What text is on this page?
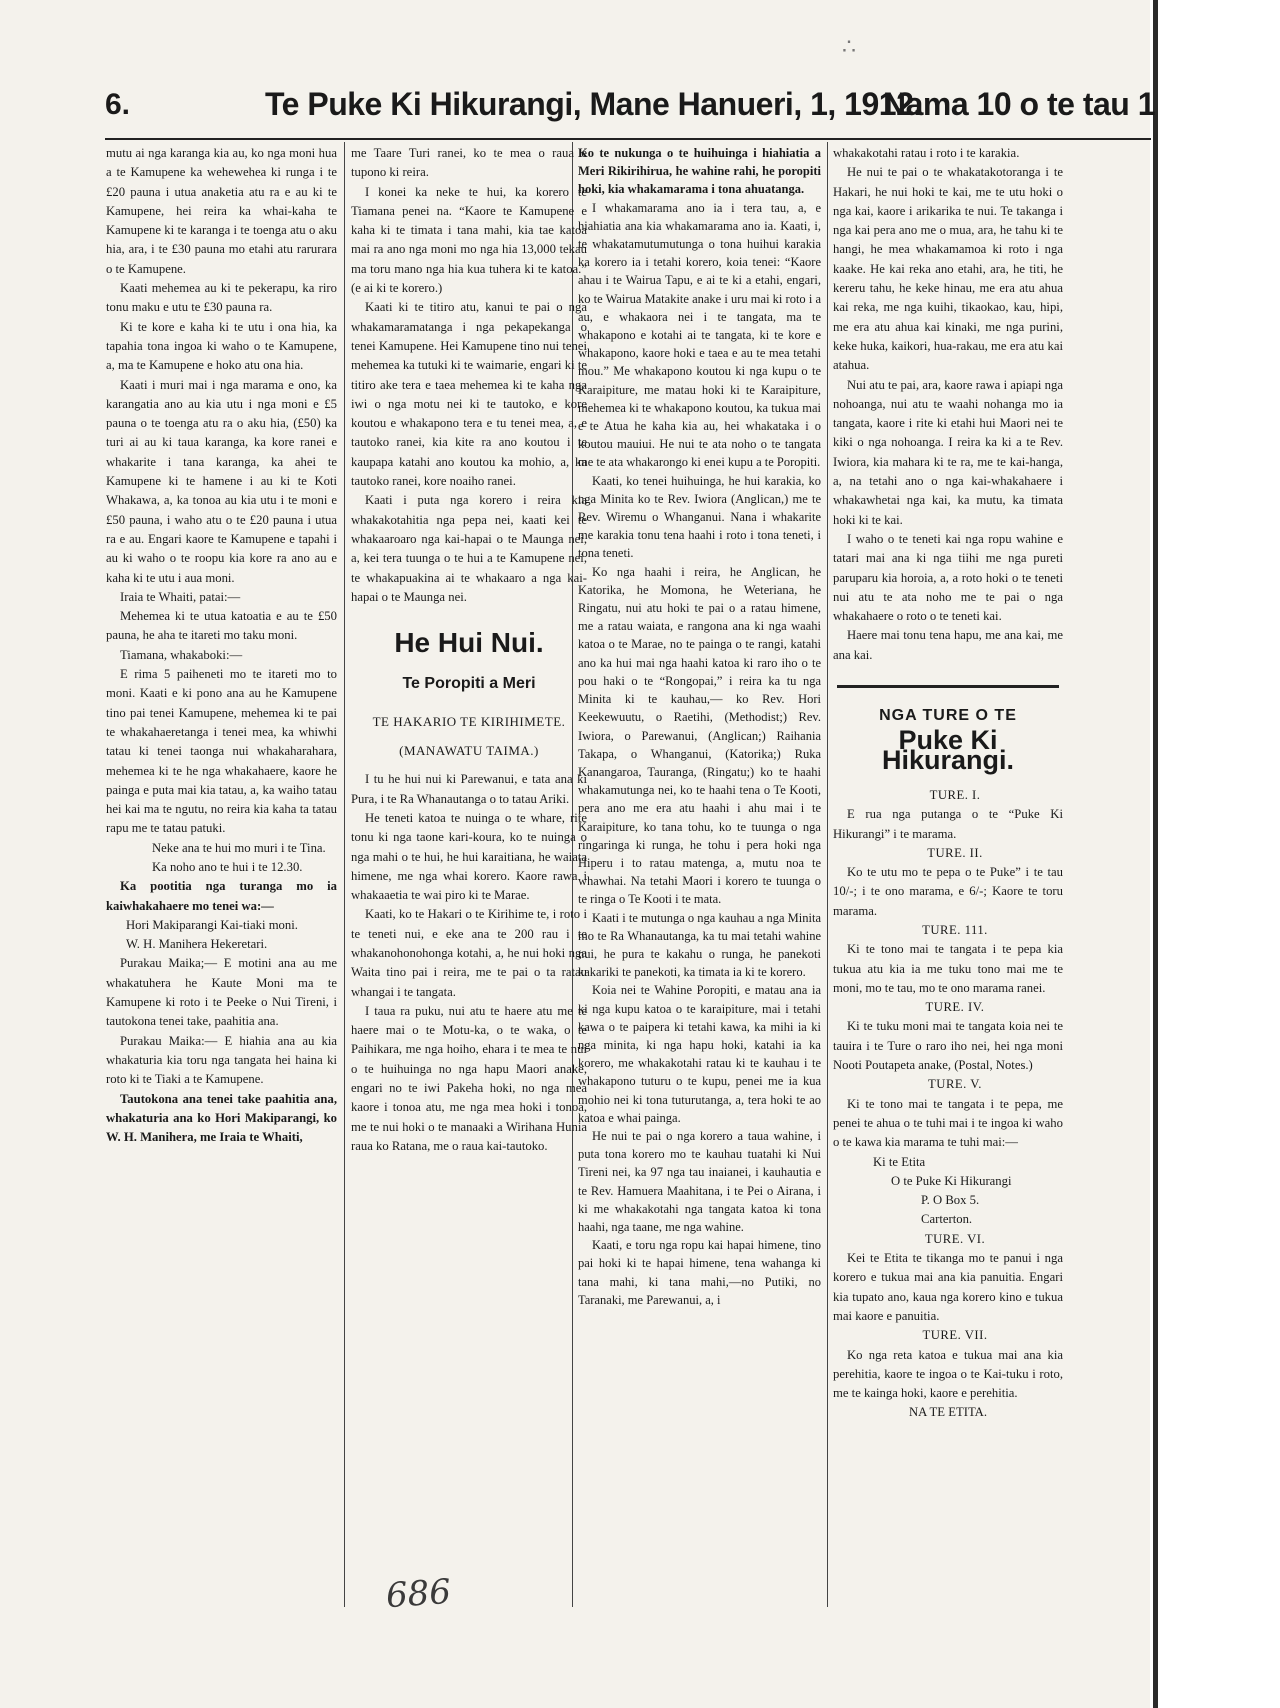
∴
6.	Te Puke Ki Hikurangi, Mane Hanueri, 1, 1912.
Nama 10 o te tau 1

mutu ai nga karanga kia au, ko nga moni hua a te Kamupene ka wehewehea ki runga i te £20 pauna i utua anaketia atu ra e au ki te Kamupene, hei reira ka whai-kaha te Kamupene ki te karanga i te toenga atu o aku hia, ara, i te £30 pauna mo etahi atu rarurara o te Kamupene.

Kaati mehemea au ki te pekerapu, ka riro tonu maku e utu te £30 pauna ra.

Ki te kore e kaha ki te utu i ona hia, ka tapahia tona ingoa ki waho o te Kamupene, a, ma te Kamupene e hoko atu ona hia.

Kaati i muri mai i nga marama e ono, ka karangatia ano au kia utu i nga moni e £5 pauna o te toenga atu ra o aku hia, (£50) ka turi ai au ki taua karanga, ka kore ranei e whakarite i tana karanga, ka ahei te Kamupene ki te hamene i au ki te Koti Whakawa, a, ka tonoa au kia utu i te moni e £50 pauna, i waho atu o te £20 pauna i utua ra e au. Engari kaore te Kamupene e tapahi i au ki waho o te roopu kia kore ra ano au e kaha ki te utu i aua moni.

Iraia te Whaiti, patai:—

Mehemea ki te utua katoatia e au te £50 pauna, he aha te itareti mo taku moni.

Tiamana, whakaboki:—

E rima 5 paiheneti mo te itareti mo to moni. Kaati e ki pono ana au he Kamupene tino pai tenei Kamupene, mehemea ki te pai te whakahaeretanga i tenei mea, ka whiwhi tatau ki tenei taonga nui whakaharahara, mehemea ki te he nga whakahaere, kaore he painga e puta mai kia tatau, a, ka waiho tatau hei kai ma te ngutu, no reira kia kaha ta tatau rapu me te tatau patuki.

Neke ana te hui mo muri i te Tina.

Ka noho ano te hui i te 12.30.

Ka pootitia nga turanga mo ia kaiwhakahaere mo tenei wa:—

Hori Makiparangi Kai-tiaki moni.

W. H. Manihera Hekeretari.

Purakau Maika;— E motini ana au me whakatuhera he Kaute Moni ma te Kamupene ki roto i te Peeke o Nui Tireni, i tautokona tenei take, paahitia ana.

Purakau Maika:— E hiahia ana au kia whakaturia kia toru nga tangata hei haina ki roto ki te Tiaki a te Kamupene.

Tautokona ana tenei take paahitia ana, whakaturia ana ko Hori Makiparangi, ko W. H. Manihera, me Iraia te Whaiti,

me Taare Turi ranei, ko te mea o raua e tupono ki reira.

I konei ka neke te hui, ka korero te Tiamana penei na. “Kaore te Kamupene e kaha ki te timata i tana mahi, kia tae katoa mai ra ano nga moni mo nga hia 13,000 tekau ma toru mano nga hia kua tuhera ki te katoa.” (e ai ki te korero.)

Kaati ki te titiro atu, kanui te pai o nga whakamaramatanga i nga pekapekanga o tenei Kamupene. Hei Kamupene tino nui tenei mehemea ka tutuki ki te waimarie, engari ki te titiro ake tera e taea mehemea ki te kaha nga iwi o nga motu nei ki te tautoko, e kore koutou e whakapono tera e tu tenei mea, a, e tautoko ranei, kia kite ra ano koutou i te kaupapa katahi ano koutou ka mohio, a, ka tautoko ranei, kore noaiho ranei.

Kaati i puta nga korero i reira kia whakakotahitia nga pepa nei, kaati kei te whakaaroaro nga kai-hapai o te Maunga nei, a, kei tera tuunga o te hui a te Kamupene nei, te whakapuakina ai te whakaaro a nga kai-hapai o te Maunga nei.

He Hui Nui.
Te Poropiti a Meri
TE HAKARIO TE KIRIHIMETE.
(MANAWATU TAIMA.)

I tu he hui nui ki Parewanui, e tata ana ki Pura, i te Ra Whanautanga o to tatau Ariki.

He teneti katoa te nuinga o te whare, rite tonu ki nga taone kari-koura, ko te nuinga o nga mahi o te hui, he hui karaitiana, he waiata himene, me nga whai korero. Kaore rawa i whakaaetia te wai piro ki te Marae.

Kaati, ko te Hakari o te Kirihime te, i roto i te teneti nui, e eke ana te 200 rau i te whakanohonohonga kotahi, a, he nui hoki nga Waita tino pai i reira, me te pai o ta ratau whangai i te tangata.

I taua ra puku, nui atu te haere atu me te haere mai o te Motu-ka, o te waka, o te Paihikara, me nga hoiho, ehara i te mea te nui o te huihuinga no nga hapu Maori anake, engari no te iwi Pakeha hoki, no nga mea kaore i tonoa atu, me nga mea hoki i tonoa, me te nui hoki o te manaaki a Wirihana Hunia raua ko Ratana, me o raua kai-tautoko.

Ko te nukunga o te huihuinga i hiahiatia a Meri Rikirihirua, he wahine rahi, he poropiti hoki, kia whakamarama i tona ahuatanga.

I whakamarama ano ia i tera tau, a, e hiahiatia ana kia whakamarama ano ia. Kaati, i, te whakatamutumutunga o tona huihui karakia ka korero ia i tetahi korero, koia tenei: “Kaore ahau i te Wairua Tapu, e ai te ki a etahi, engari, ko te Wairua Matakite anake i uru mai ki roto i a au, e whakaora nei i te tangata, ma te whakapono e kotahi ai te tangata, ki te kore e whakapono, kaore hoki e taea e au te mea tetahi mou.” Me whakapono koutou ki nga kupu o te Karaipiture, me matau hoki ki te Karaipiture, mehemea ki te whakapono koutou, ka tukua mai e te Atua he kaha kia au, hei whakataka i o koutou mauiui. He nui te ata noho o te tangata me te ata whakarongo ki enei kupu a te Poropiti.

Kaati, ko tenei huihuinga, he hui karakia, ko nga Minita ko te Rev. Iwiora (Anglican,) me te Rev. Wiremu o Whanganui. Nana i whakarite me karakia tonu tena haahi i roto i tona teneti, i tona teneti.

Ko nga haahi i reira, he Anglican, he Katorika, he Momona, he Weteriana, he Ringatu, nui atu hoki te pai o a ratau himene, me a ratau waiata, e rangona ana ki nga waahi katoa o te Marae, no te painga o te rangi, katahi ano ka hui mai nga haahi katoa ki raro iho o te pou haki o te “Rongopai,” i reira ka tu nga Minita ki te kauhau,— ko Rev. Hori Keekewuutu, o Raetihi, (Methodist;) Rev. Iwiora, o Parewanui, (Anglican;) Raihania Takapa, o Whanganui, (Katorika;) Ruka Kanangaroa, Tauranga, (Ringatu;) ko te haahi whakamutunga nei, ko te haahi tena o Te Kooti, pera ano me era atu haahi i ahu mai i te Karaipiture, ko tana tohu, ko te tuunga o nga ringaringa ki runga, he tohu i pera hoki nga Hiperu i to ratau matenga, a, mutu noa te whawhai. Na tetahi Maori i korero te tuunga o te ringa o Te Kooti i te mata.

Kaati i te mutunga o nga kauhau a nga Minita mo te Ra Whanautanga, ka tu mai tetahi wahine nui, he pura te kakahu o runga, he panekoti kakariki te panekoti, ka timata ia ki te korero.

Koia nei te Wahine Poropiti, e matau ana ia ki nga kupu katoa o te karaipiture, mai i tetahi kawa o te paipera ki tetahi kawa, ka mihi ia ki nga minita, ki nga hapu hoki, katahi ia ka korero, me whakakotahi ratau ki te kauhau i te whakapono tuturu o te kupu, penei me ia kua mohio nei ki tona tuturutanga, a, tera hoki te ao katoa e whai painga.

He nui te pai o nga korero a taua wahine, i puta tona korero mo te kauhau tuatahi ki Nui Tireni nei, ka 97 nga tau inaianei, i kauhautia e te Rev. Hamuera Maahitana, i te Pei o Airana, i ki me whakakotahi nga tangata katoa ki tona haahi, nga taane, me nga wahine.

Kaati, e toru nga ropu kai hapai himene, tino pai hoki ki te hapai himene, tena wahanga ki tana mahi, ki tana mahi,—no Putiki, no Taranaki, me Parewanui, a, i

whakakotahi ratau i roto i te karakia.

He nui te pai o te whakatakotoranga i te Hakari, he nui hoki te kai, me te utu hoki o nga kai, kaore i arikarika te nui. Te takanga i nga kai pera ano me o mua, ara, he tahu ki te hangi, he mea whakamamoa ki roto i nga kaake. He kai reka ano etahi, ara, he titi, he kereru tahu, he keke hinau, me era atu ahua kai reka, me nga kuihi, tikaokao, kau, hipi, me era atu ahua kai kinaki, me nga purini, keke huka, kaikori, hua-rakau, me era atu kai atahua.

Nui atu te pai, ara, kaore rawa i apiapi nga nohoanga, nui atu te waahi nohanga mo ia tangata, kaore i rite ki etahi hui Maori nei te kiki o nga nohoanga. I reira ka ki a te Rev. Iwiora, kia mahara ki te ra, me te kai-hanga, a, na tetahi ano o nga kai-whakahaere i whakawhetai nga kai, ka mutu, ka timata hoki ki te kai.

I waho o te teneti kai nga ropu wahine e tatari mai ana ki nga tiihi me nga pureti paruparu kia horoia, a, a roto hoki o te teneti nui atu te ata noho me te pai o nga whakahaere o roto o te teneti kai.

Haere mai tonu tena hapu, me ana kai, me ana kai.

NGA TURE O TE
Puke Ki Hikurangi.

TURE. I.

E rua nga putanga o te “Puke Ki Hikurangi” i te marama.

TURE. II.

Ko te utu mo te pepa o te Puke” i te tau 10/-; i te ono marama, e 6/-; Kaore te toru marama.

TURE. 111.

Ki te tono mai te tangata i te pepa kia tukua atu kia ia me tuku tono mai me te moni, mo te tau, mo te ono marama ranei.

TURE. IV.

Ki te tuku moni mai te tangata koia nei te tauira i te Ture o raro iho nei, hei nga moni Nooti Poutapeta anake, (Postal, Notes.)

TURE. V.

Ki te tono mai te tangata i te pepa, me penei te ahua o te tuhi mai i te ingoa ki waho o te kawa kia marama te tuhi mai:—

Ki te Etita

O te Puke Ki Hikurangi

P. O Box 5.

Carterton.

TURE. VI.

Kei te Etita te tikanga mo te panui i nga korero e tukua mai ana kia panuitia. Engari kia tupato ano, kaua nga korero kino e tukua mai kaore e panuitia.

TURE. VII.

Ko nga reta katoa e tukua mai ana kia perehitia, kaore te ingoa o te Kai-tuku i roto, me te kainga hoki, kaore e perehitia.

NA TE ETITA.

686
